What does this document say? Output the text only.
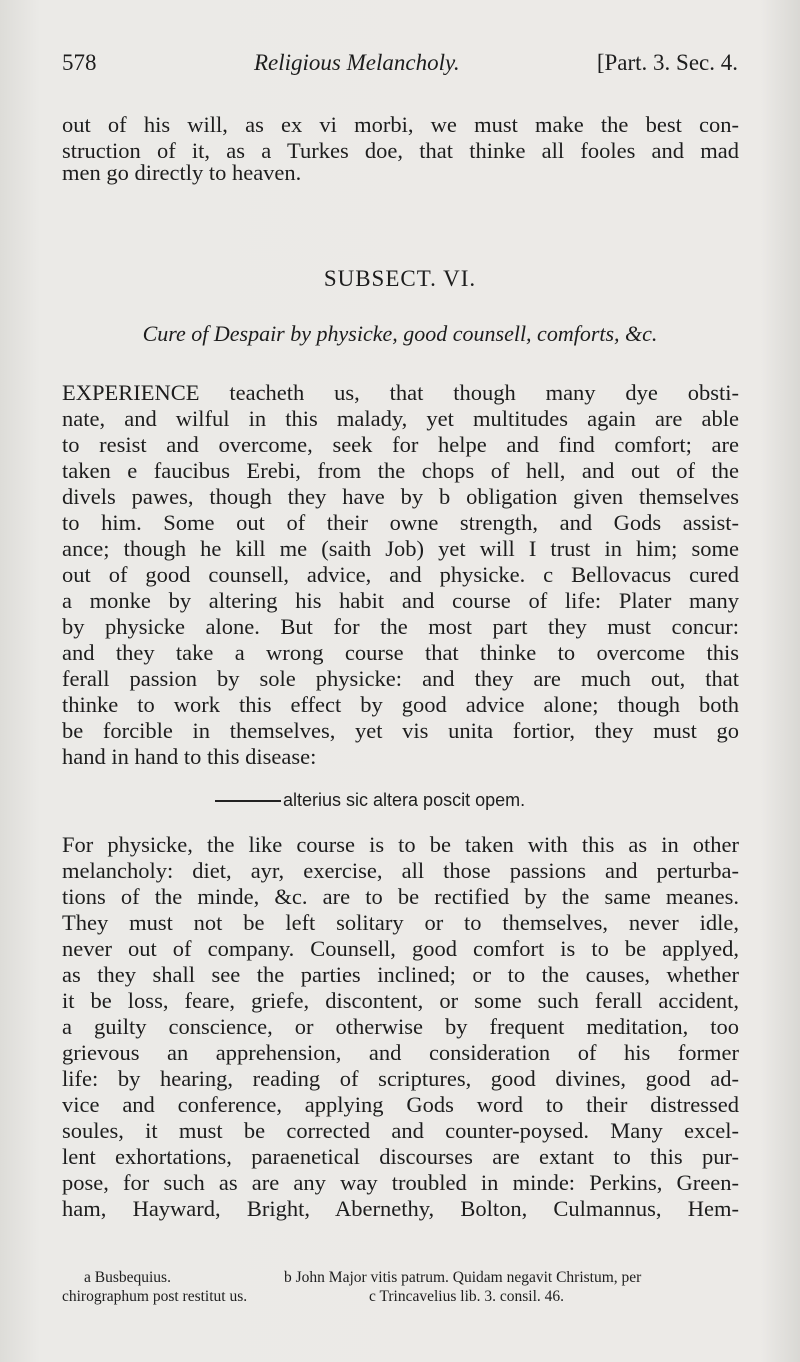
578	Religious Melancholy.	[Part. 3. Sec. 4.
out of his will, as ex vi morbi, we must make the best con-
struction of it, as a Turkes doe, that thinke all fooles and mad
men go directly to heaven.
SUBSECT. VI.
Cure of Despair by physicke, good counsell, comforts, &c.
EXPERIENCE teacheth us, that though many dye obsti-
nate, and wilful in this malady, yet multitudes again are able
to resist and overcome, seek for helpe and find comfort; are
taken e faucibus Erebi, from the chops of hell, and out of the
divels pawes, though they have by b obligation given themselves
to him. Some out of their owne strength, and Gods assist-
ance; though he kill me (saith Job) yet will I trust in him; some
out of good counsell, advice, and physicke. c Bellovacus cured
a monke by altering his habit and course of life: Plater many
by physicke alone. But for the most part they must concur:
and they take a wrong course that thinke to overcome this
ferall passion by sole physicke: and they are much out, that
thinke to work this effect by good advice alone; though both
be forcible in themselves, yet vis unita fortior, they must go
hand in hand to this disease:
alterius sic altera poscit opem.
For physicke, the like course is to be taken with this as in other
melancholy: diet, ayr, exercise, all those passions and perturba-
tions of the minde, &c. are to be rectified by the same meanes.
They must not be left solitary or to themselves, never idle,
never out of company. Counsell, good comfort is to be applyed,
as they shall see the parties inclined; or to the causes, whether
it be loss, feare, griefe, discontent, or some such ferall accident,
a guilty conscience, or otherwise by frequent meditation, too
grievous an apprehension, and consideration of his former
life: by hearing, reading of scriptures, good divines, good ad-
vice and conference, applying Gods word to their distressed
soules, it must be corrected and counter-poysed. Many excel-
lent exhortations, paraenetical discourses are extant to this pur-
pose, for such as are any way troubled in minde: Perkins, Green-
ham, Hayward, Bright, Abernethy, Bolton, Culmannus, Hem-
a Busbequius.	b John Major vitis patrum. Quidam negavit Christum, per
chirographum post restitut us.	c Trincavelius lib. 3. consil. 46.
